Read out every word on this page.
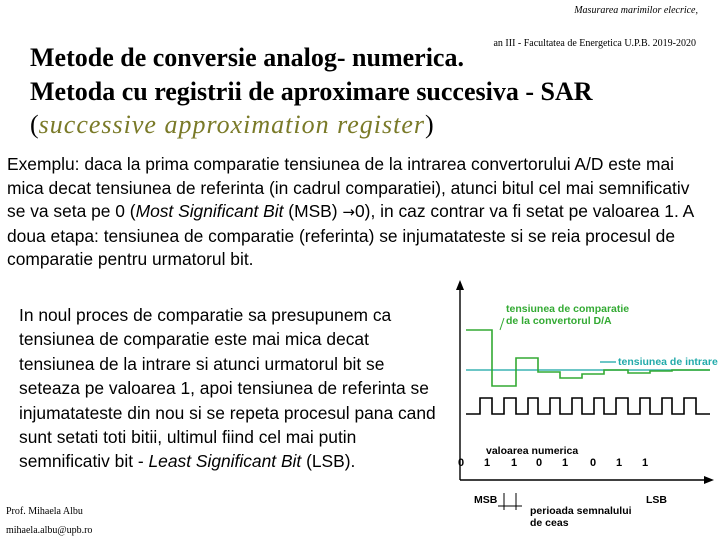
Masurarea marimilor elecrice,
an III - Facultatea de Energetica U.P.B. 2019-2020
Metode de conversie analog- numerica.
Metoda cu registrii de aproximare succesiva - SAR
(successive approximation register)
Exemplu: daca la prima comparatie tensiunea de la intrarea convertorului A/D este mai mica decat tensiunea de referinta (in cadrul comparatiei), atunci bitul cel mai semnificativ se va seta pe 0 (Most Significant Bit (MSB) →0), in caz contrar va fi setat pe valoarea 1. A doua etapa: tensiunea de comparatie (referinta) se injumatateste si se reia procesul de comparatie pentru urmatorul bit.
In noul proces de comparatie sa presupunem ca tensiunea de comparatie este mai mica decat tensiunea de la intrare si atunci urmatorul bit se seteaza pe valoarea 1, apoi tensiunea de referinta se injumatateste din nou si se repeta procesul pana cand sunt setati toti bitii, ultimul fiind cel mai putin semnificativ bit - Least Significant Bit (LSB).
Prof. Mihaela Albu
mihaela.albu@upb.ro
tensiunea de comparatie
de la convertorul D/A
tensiunea de intrare
valoarea numerica
0 1 1 0 1 0 1 1
MSB	LSB
perioada semnalului
de ceas
